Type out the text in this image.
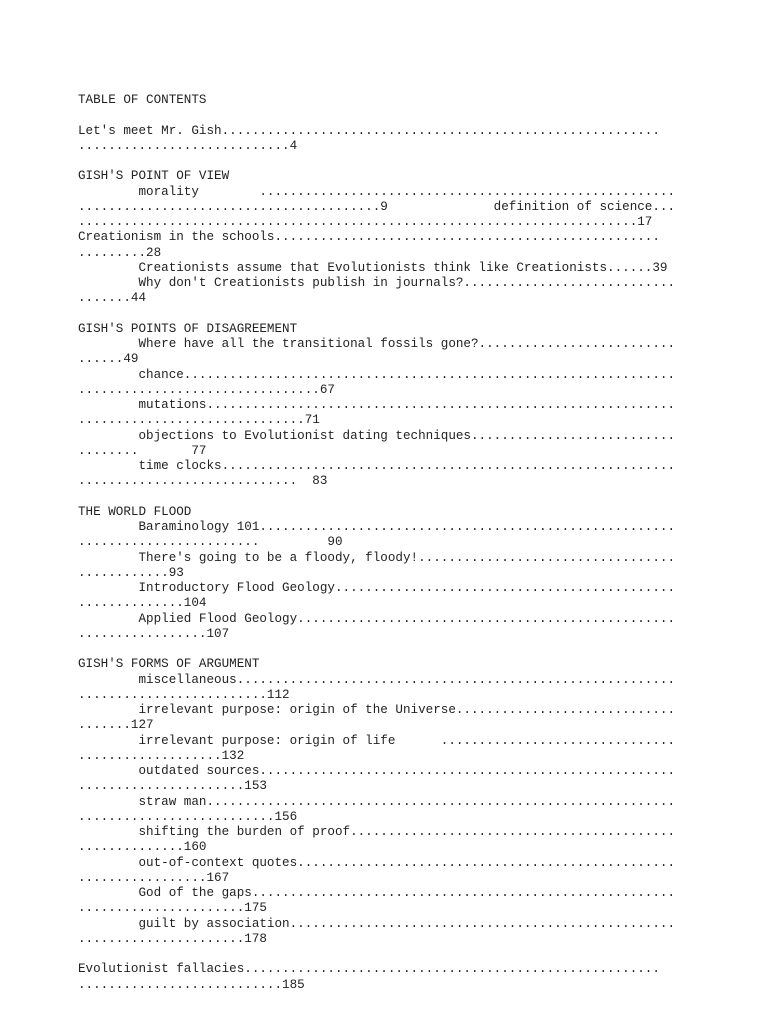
TABLE OF CONTENTS
Let's meet Mr. Gish..........................................................
............................4
GISH'S POINT OF VIEW
morality        .......................................................
........................................9              definition of science...
..........................................................................17
Creationism in the schools...................................................
.........28
Creationists assume that Evolutionists think like Creationists......39
Why don't Creationists publish in journals?............................
.......44
GISH'S POINTS OF DISAGREEMENT
Where have all the transitional fossils gone?..........................
......49
chance.................................................................
................................67
mutations..............................................................
..............................71
objections to Evolutionist dating techniques...........................
........       77
time clocks............................................................
.............................  83
THE WORLD FLOOD
Baraminology 101.......................................................
........................         90
There's going to be a floody, floody!..................................
............93
Introductory Flood Geology.............................................
..............104
Applied Flood Geology..................................................
.................107
GISH'S FORMS OF ARGUMENT
miscellaneous..........................................................
.........................112
irrelevant purpose: origin of the Universe.............................
.......127
irrelevant purpose: origin of life      ...............................
...................132
outdated sources.......................................................
......................153
straw man..............................................................
..........................156
shifting the burden of proof...........................................
..............160
out-of-context quotes..................................................
.................167
God of the gaps........................................................
......................175
guilt by association...................................................
......................178
Evolutionist fallacies.......................................................
...........................185
